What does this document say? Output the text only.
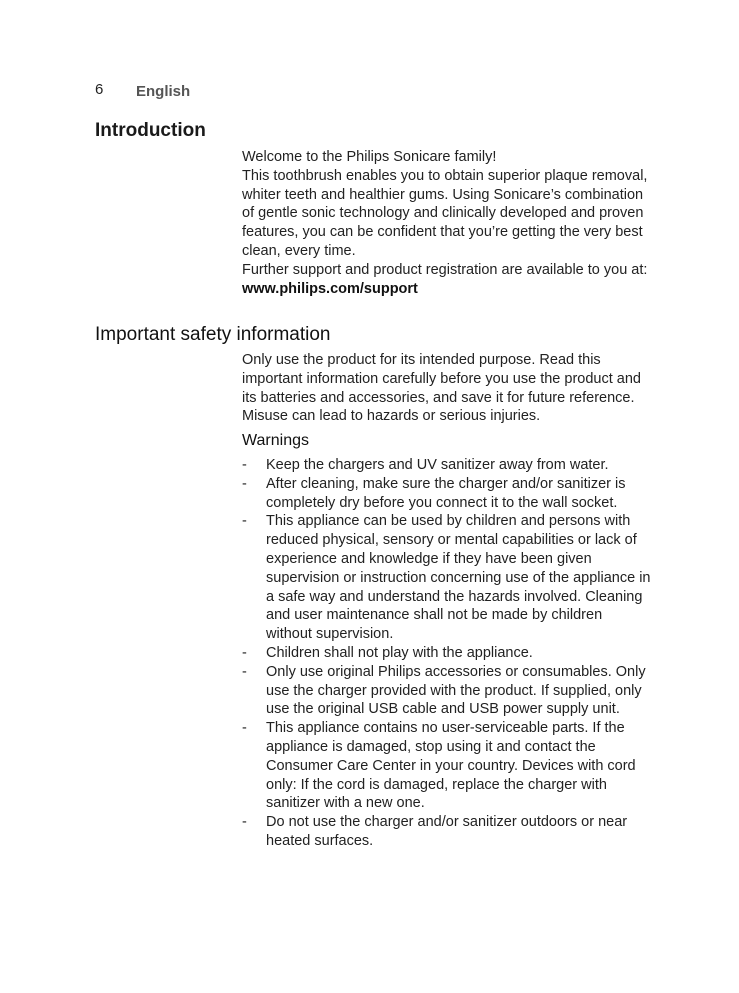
6 English
Introduction

Welcome to the Philips Sonicare family!

This toothbrush enables you to obtain superior plaque removal, whiter teeth and healthier gums. Using Sonicare’s combination of gentle sonic technology and clinically developed and proven features, you can be confident that you’re getting the very best clean, every time.

Further support and product registration are available to you at: www.philips.com/support

Important safety information

Only use the product for its intended purpose. Read this important information carefully before you use the product and its batteries and accessories, and save it for future reference. Misuse can lead to hazards or serious injuries.

Warnings
- Keep the chargers and UV sanitizer away from water.
- After cleaning, make sure the charger and/or sanitizer is completely dry before you connect it to the wall socket.
- This appliance can be used by children and persons with reduced physical, sensory or mental capabilities or lack of experience and knowledge if they have been given supervision or instruction concerning use of the appliance in a safe way and understand the hazards involved. Cleaning and user maintenance shall not be made by children without supervision.
- Children shall not play with the appliance.
- Only use original Philips accessories or consumables. Only use the charger provided with the product. If supplied, only use the original USB cable and USB power supply unit.
- This appliance contains no user-serviceable parts. If the appliance is damaged, stop using it and contact the Consumer Care Center in your country. Devices with cord only: If the cord is damaged, replace the charger with sanitizer with a new one.
- Do not use the charger and/or sanitizer outdoors or near heated surfaces.
